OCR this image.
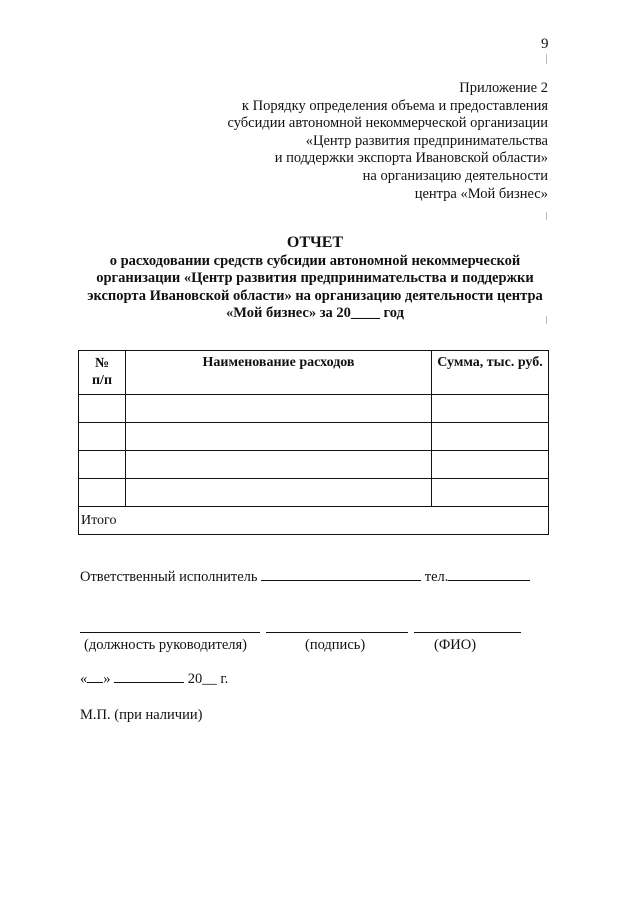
9
Приложение 2
к Порядку определения объема и предоставления
субсидии автономной некоммерческой организации
«Центр развития предпринимательства
и поддержки экспорта Ивановской области»
на организацию деятельности
центра «Мой бизнес»
ОТЧЕТ
о расходовании средств субсидии автономной некоммерческой
организации «Центр развития предпринимательства и поддержки
экспорта Ивановской области» на организацию деятельности центра
«Мой бизнес» за 20____ год
№
п/п	Наименование расходов	Сумма, тыс. руб.

Итого		
Ответственный исполнитель	тел.
(должность руководителя)	(подпись)	(ФИО)
« »	20__ г.
М.П. (при наличии)
